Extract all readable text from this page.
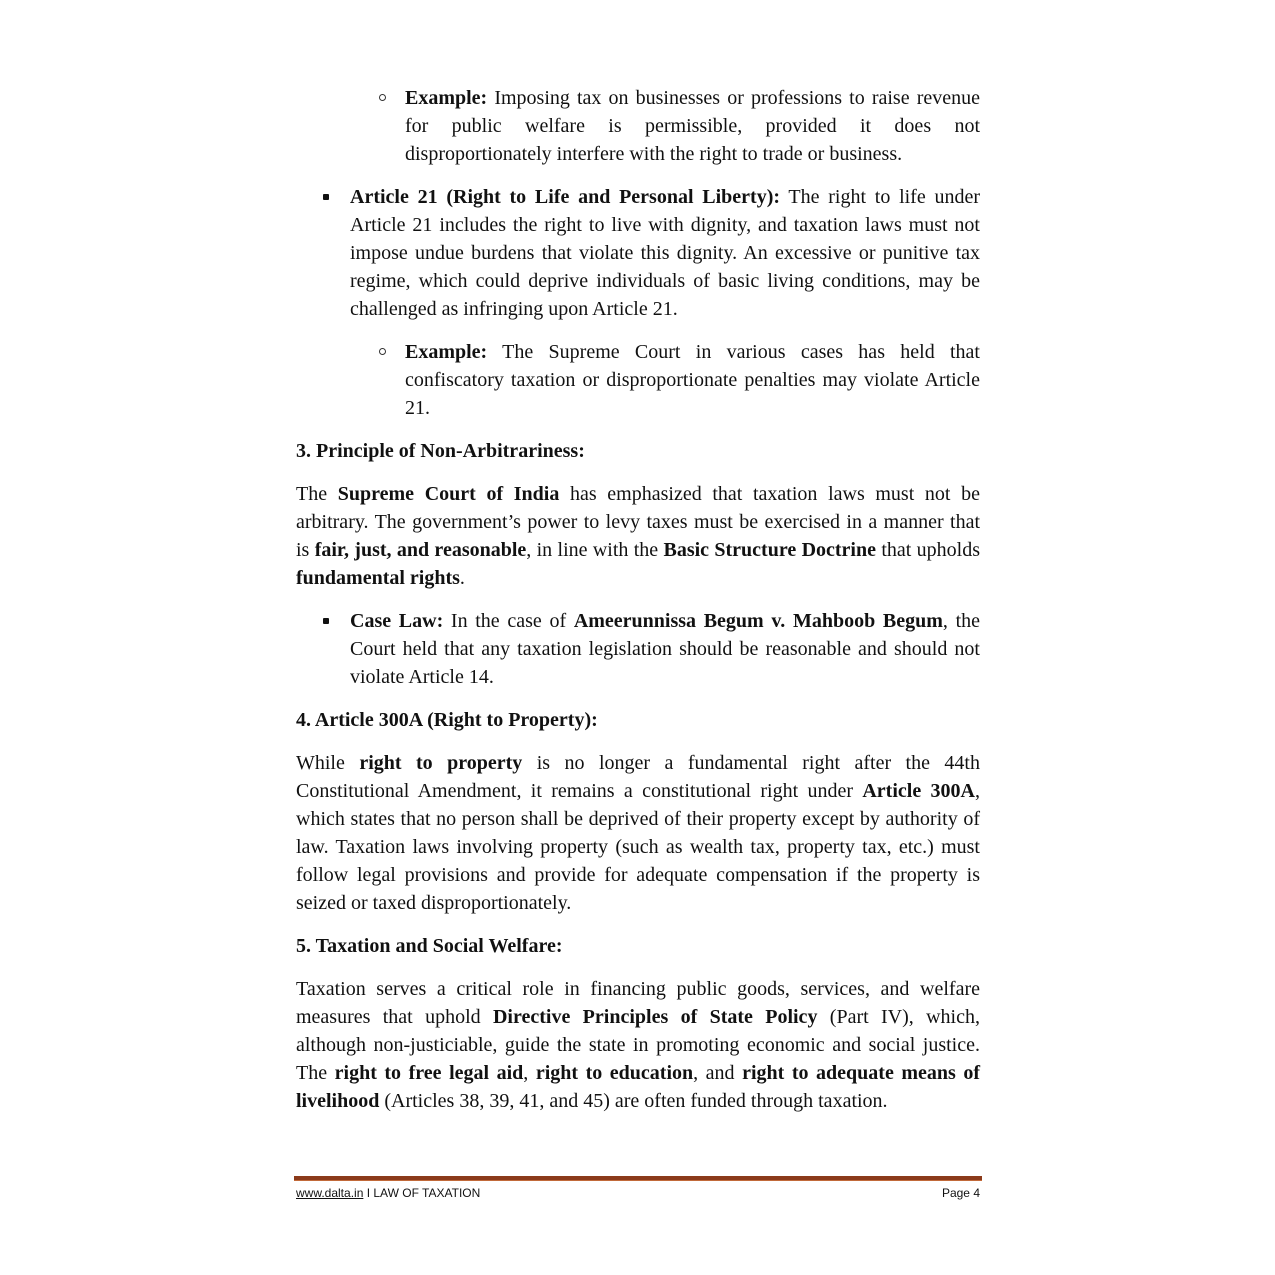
Example: Imposing tax on businesses or professions to raise revenue for public welfare is permissible, provided it does not disproportionately interfere with the right to trade or business.
Article 21 (Right to Life and Personal Liberty): The right to life under Article 21 includes the right to live with dignity, and taxation laws must not impose undue burdens that violate this dignity. An excessive or punitive tax regime, which could deprive individuals of basic living conditions, may be challenged as infringing upon Article 21.
Example: The Supreme Court in various cases has held that confiscatory taxation or disproportionate penalties may violate Article 21.
3. Principle of Non-Arbitrariness:
The Supreme Court of India has emphasized that taxation laws must not be arbitrary. The government’s power to levy taxes must be exercised in a manner that is fair, just, and reasonable, in line with the Basic Structure Doctrine that upholds fundamental rights.
Case Law: In the case of Ameerunnissa Begum v. Mahboob Begum, the Court held that any taxation legislation should be reasonable and should not violate Article 14.
4. Article 300A (Right to Property):
While right to property is no longer a fundamental right after the 44th Constitutional Amendment, it remains a constitutional right under Article 300A, which states that no person shall be deprived of their property except by authority of law. Taxation laws involving property (such as wealth tax, property tax, etc.) must follow legal provisions and provide for adequate compensation if the property is seized or taxed disproportionately.
5. Taxation and Social Welfare:
Taxation serves a critical role in financing public goods, services, and welfare measures that uphold Directive Principles of State Policy (Part IV), which, although non-justiciable, guide the state in promoting economic and social justice. The right to free legal aid, right to education, and right to adequate means of livelihood (Articles 38, 39, 41, and 45) are often funded through taxation.
www.dalta.in I LAW OF TAXATION	Page 4
